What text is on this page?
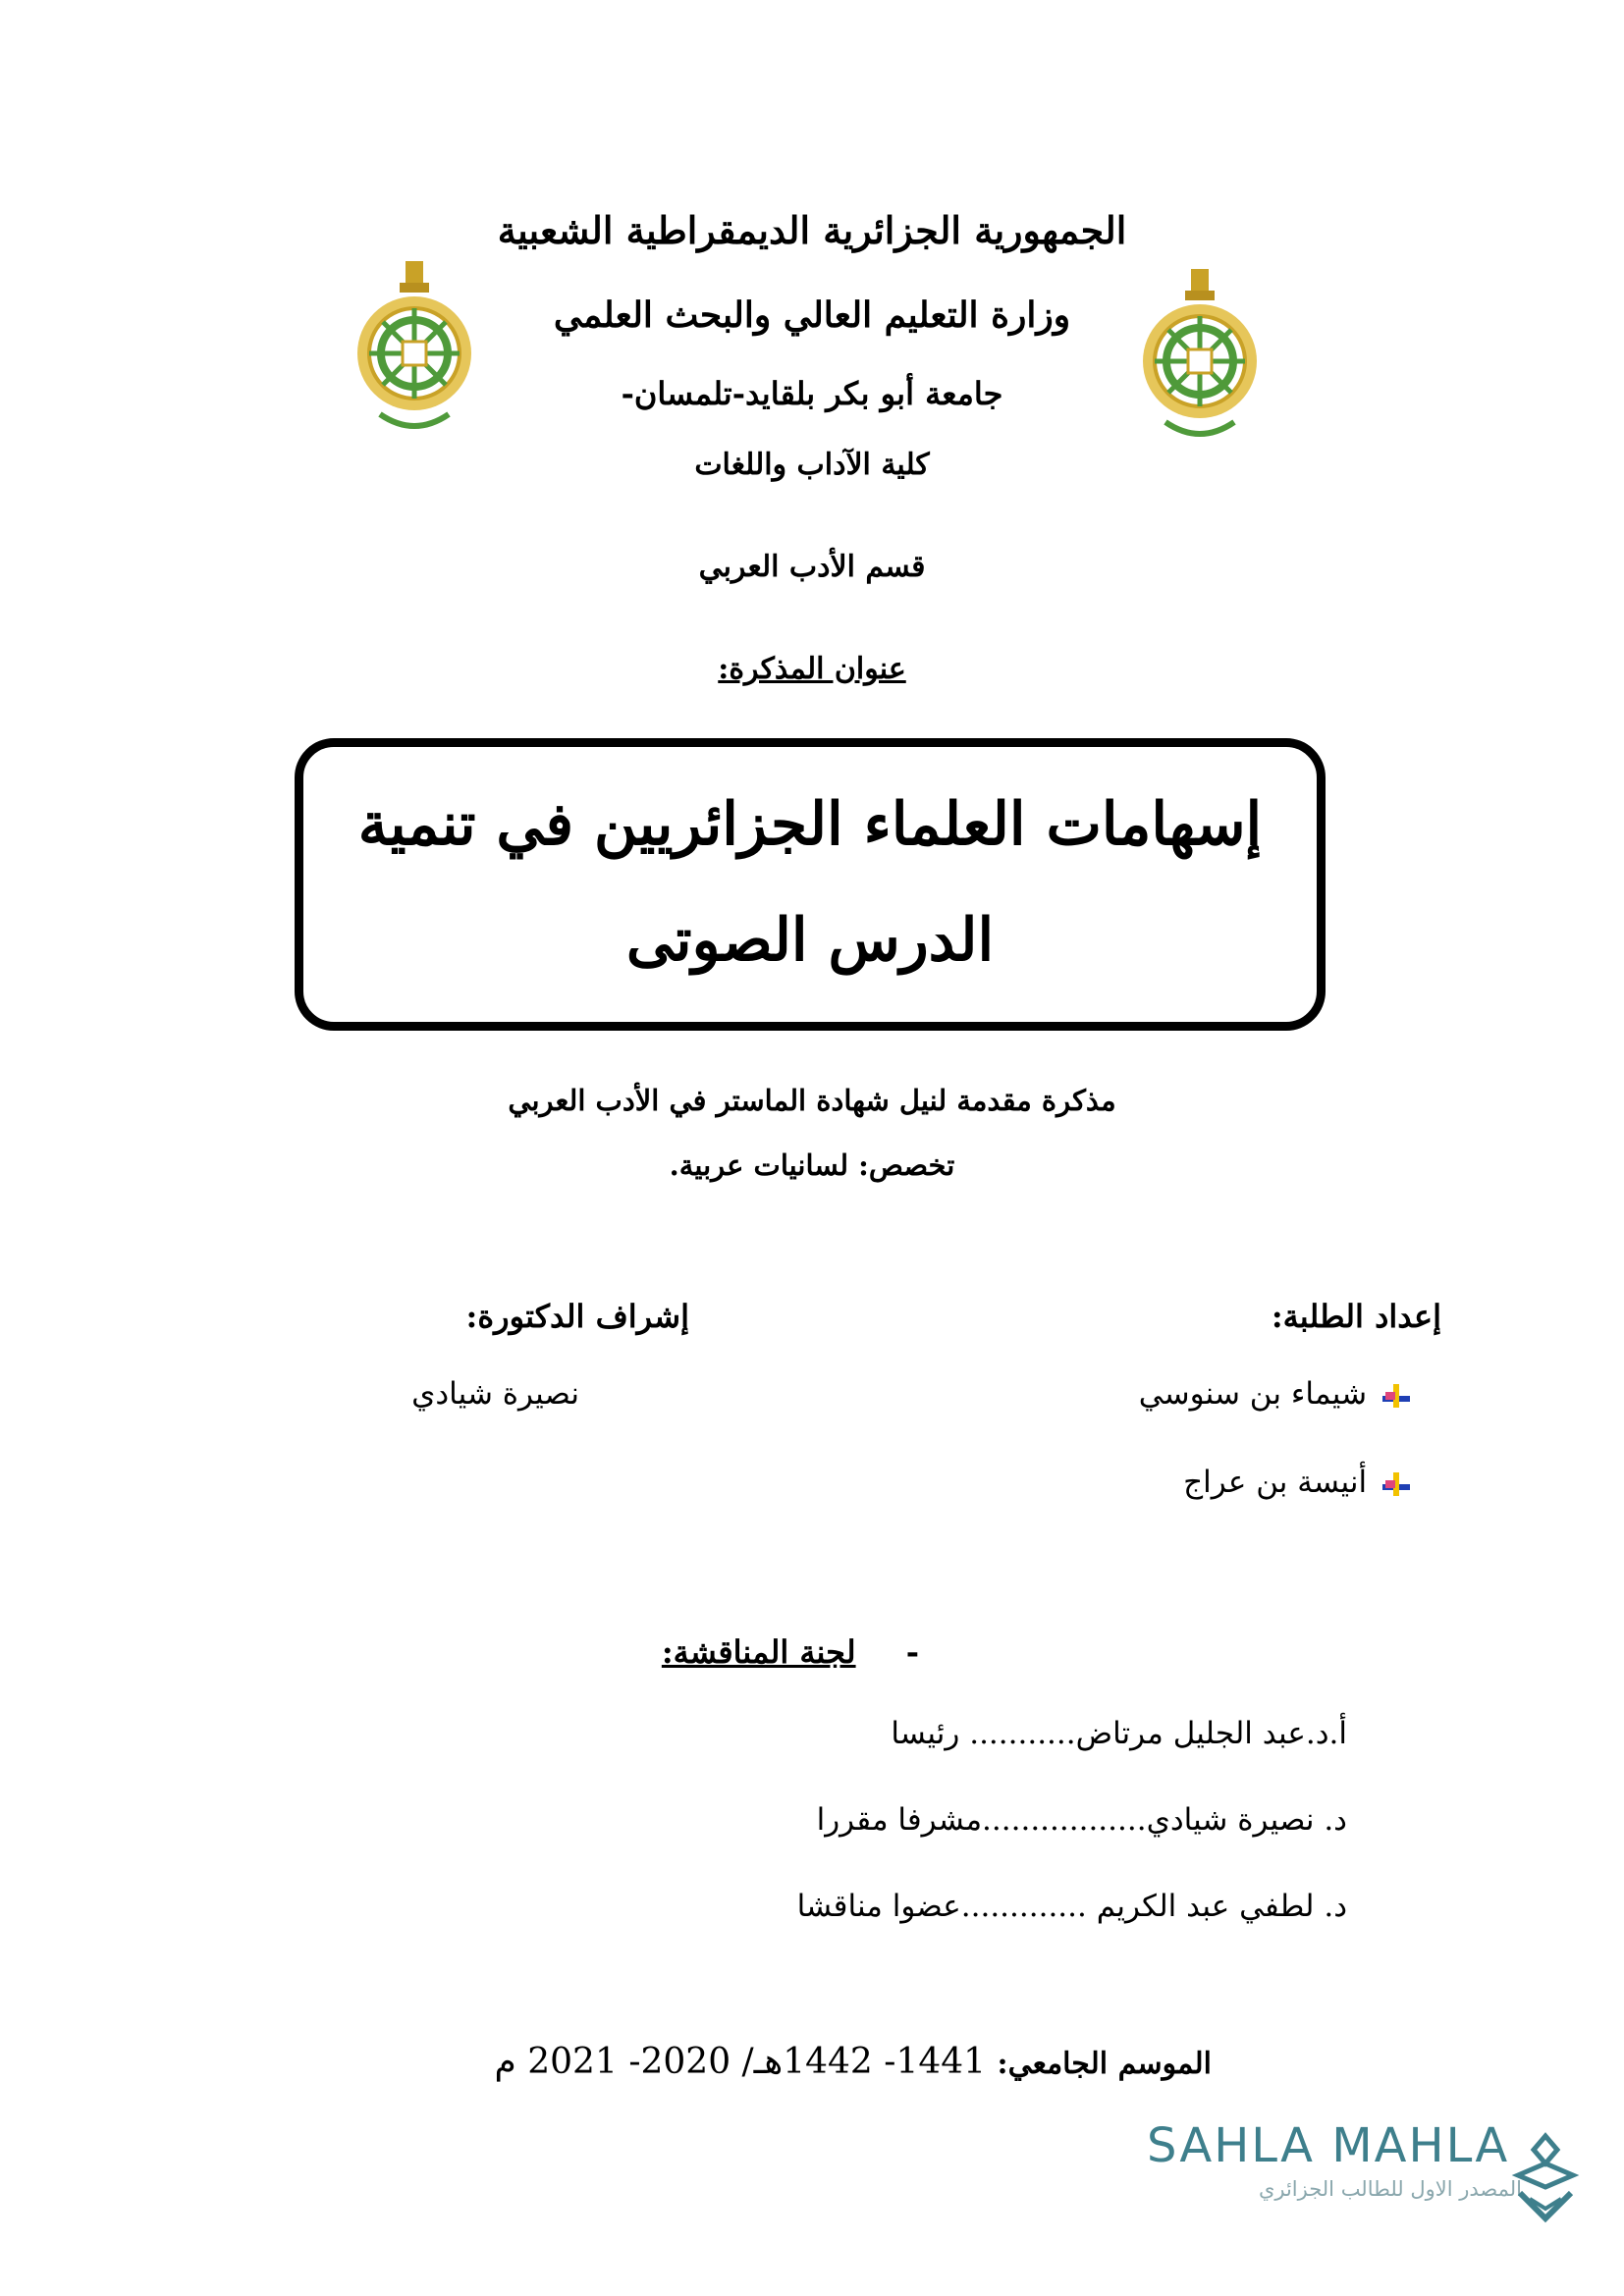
الجمهورية الجزائرية الديمقراطية الشعبية
وزارة التعليم العالي والبحث العلمي
جامعة أبو بكر بلقايد-تلمسان-
كلية الآداب واللغات
قسم الأدب العربي
عنوان المذكرة:
إسهامات العلماء الجزائريين في تنمية
الدرس الصوتى
مذكرة مقدمة لنيل شهادة الماستر في الأدب العربي
تخصص: لسانيات عربية.
إعداد الطلبة:
إشراف الدكتورة:
شيماء بن سنوسي
أنيسة بن عراج
نصيرة شيادي
- لجنة المناقشة:
أ.د.عبد الجليل مرتاض........... رئيسا
د. نصيرة شيادي.................مشرفا مقررا
د. لطفي عبد الكريم .............عضوا مناقشا
الموسم الجامعي: 1441- 1442هـ/ 2020- 2021 م
SAHLA MAHLA
المصدر الاول للطالب الجزائري
